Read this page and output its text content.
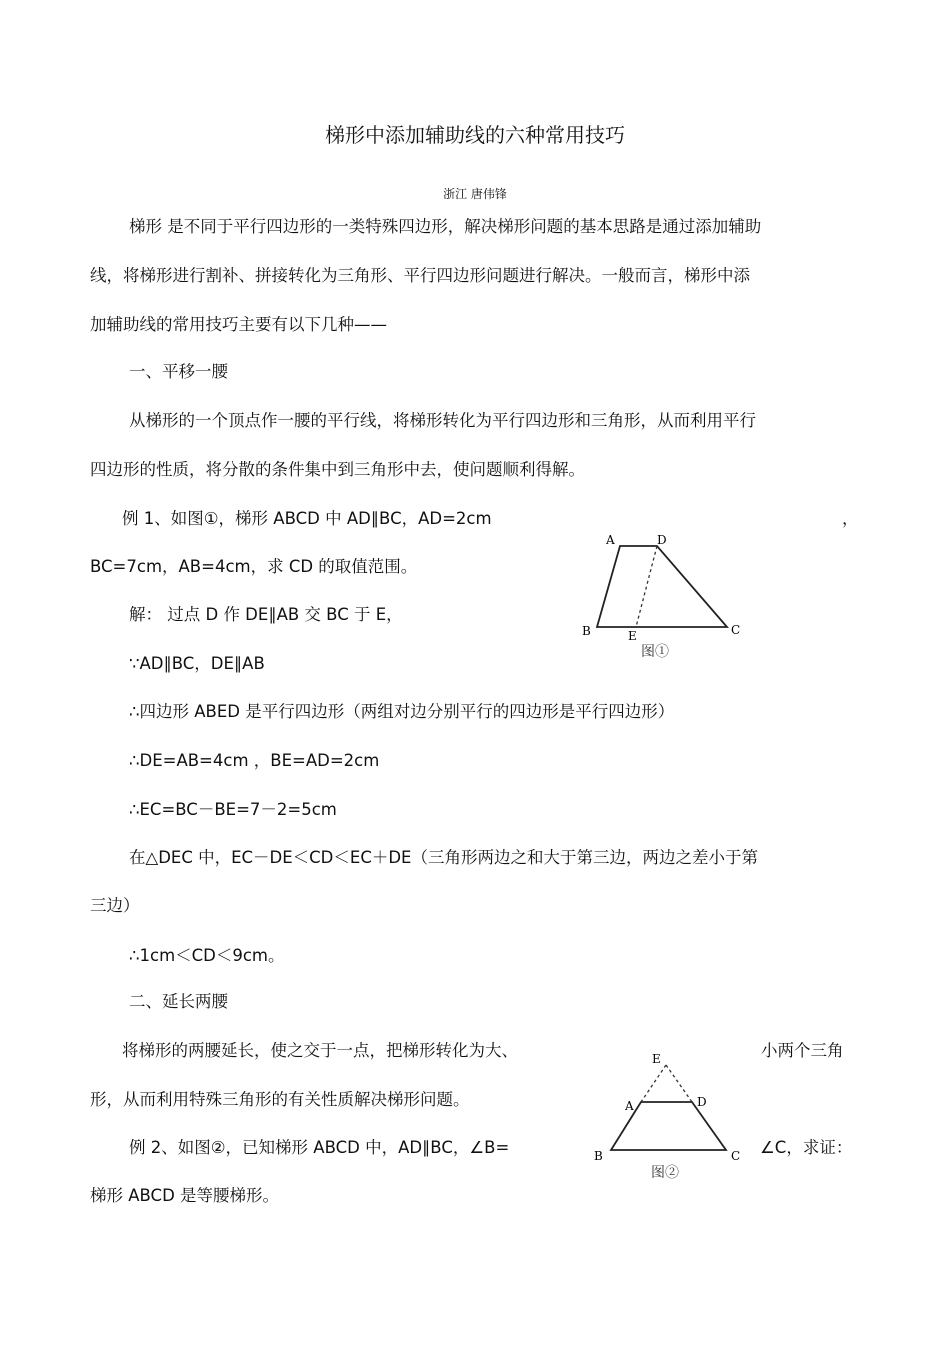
梯形中添加辅助线的六种常用技巧
浙江 唐伟锋
梯形 是不同于平行四边形的一类特殊四边形，解决梯形问题的基本思路是通过添加辅助
线，将梯形进行割补、拼接转化为三角形、平行四边形问题进行解决。一般而言，梯形中添
加辅助线的常用技巧主要有以下几种——
一、平移一腰
从梯形的一个顶点作一腰的平行线，将梯形转化为平行四边形和三角形，从而利用平行
四边形的性质，将分散的条件集中到三角形中去，使问题顺利得解。
例 1、如图①，梯形 ABCD 中 AD∥BC，AD=2cm	，
BC=7cm，AB=4cm，求 CD 的取值范围。
解： 过点 D 作 DE∥AB 交 BC 于 E，
∵AD∥BC，DE∥AB
∴四边形 ABED 是平行四边形（两组对边分别平行的四边形是平行四边形）
∴DE=AB=4cm ，BE=AD=2cm
∴EC=BC－BE=7－2=5cm
在△DEC 中，EC－DE＜CD＜EC＋DE（三角形两边之和大于第三边，两边之差小于第
三边）
∴1cm＜CD＜9cm。
A	D
B	E	C
图①
二、延长两腰
将梯形的两腰延长，使之交于一点，把梯形转化为大、	小两个三角
形，从而利用特殊三角形的有关性质解决梯形问题。
例 2、如图②，已知梯形 ABCD 中，AD∥BC，∠B=	∠C，求证：
梯形 ABCD 是等腰梯形。
E
A	D
B	C
图②
